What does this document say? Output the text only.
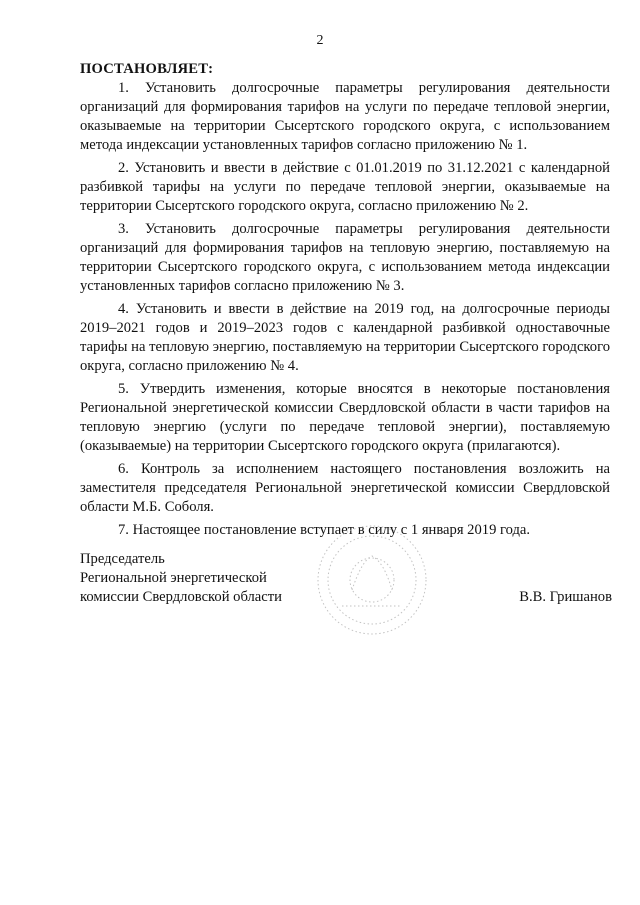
2

ПОСТАНОВЛЯЕТ:

1. Установить долгосрочные параметры регулирования деятельности организаций для формирования тарифов на услуги по передаче тепловой энергии, оказываемые на территории Сысертского городского округа, с использованием метода индексации установленных тарифов согласно приложению № 1.

2. Установить и ввести в действие с 01.01.2019 по 31.12.2021 с календарной разбивкой тарифы на услуги по передаче тепловой энергии, оказываемые на территории Сысертского городского округа, согласно приложению № 2.

3. Установить долгосрочные параметры регулирования деятельности организаций для формирования тарифов на тепловую энергию, поставляемую на территории Сысертского городского округа, с использованием метода индексации установленных тарифов согласно приложению № 3.

4. Установить и ввести в действие на 2019 год, на долгосрочные периоды 2019–2021 годов и 2019–2023 годов с календарной разбивкой одноставочные тарифы на тепловую энергию, поставляемую на территории Сысертского городского округа, согласно приложению № 4.

5. Утвердить изменения, которые вносятся в некоторые постановления Региональной энергетической комиссии Свердловской области в части тарифов на тепловую энергию (услуги по передаче тепловой энергии), поставляемую (оказываемые) на территории Сысертского городского округа (прилагаются).

6. Контроль за исполнением настоящего постановления возложить на заместителя председателя Региональной энергетической комиссии Свердловской области М.Б. Соболя.

7. Настоящее постановление вступает в силу с 1 января 2019 года.

Председатель
Региональной энергетической
комиссии Свердловской области	В.В. Гришанов
